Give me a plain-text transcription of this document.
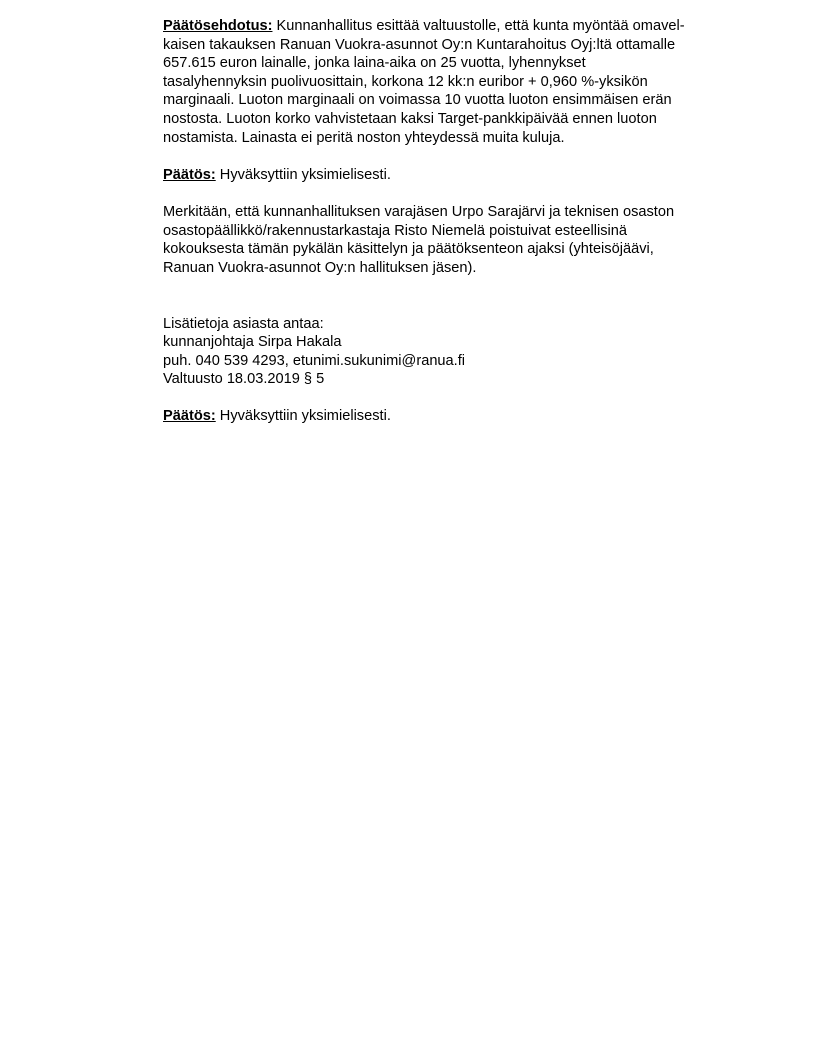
Päätösehdotus: Kunnanhallitus esittää valtuustolle, että kunta myöntää omavel-
kaisen takauksen Ranuan Vuokra-asunnot Oy:n Kuntarahoitus Oyj:ltä ottamalle
657.615 euron lainalle, jonka laina-aika on 25 vuotta, lyhennykset
tasalyhennyksin puolivuosittain, korkona 12 kk:n euribor + 0,960 %-yksikön
marginaali. Luoton marginaali on voimassa 10 vuotta luoton ensimmäisen erän
nostosta. Luoton korko vahvistetaan kaksi Target-pankkipäivää ennen luoton
nostamista. Lainasta ei peritä noston yhteydessä muita kuluja.

Päätös: Hyväksyttiin yksimielisesti.

Merkitään, että kunnanhallituksen varajäsen Urpo Sarajärvi ja teknisen osaston
osastopäällikkö/rakennustarkastaja Risto Niemelä poistuivat esteellisinä
kokouksesta tämän pykälän käsittelyn ja päätöksenteon ajaksi (yhteisöjäävi,
Ranuan Vuokra-asunnot Oy:n hallituksen jäsen).

Lisätietoja asiasta antaa:
kunnanjohtaja Sirpa Hakala
puh. 040 539 4293, etunimi.sukunimi@ranua.fi
Valtuusto 18.03.2019 § 5

Päätös: Hyväksyttiin yksimielisesti.
